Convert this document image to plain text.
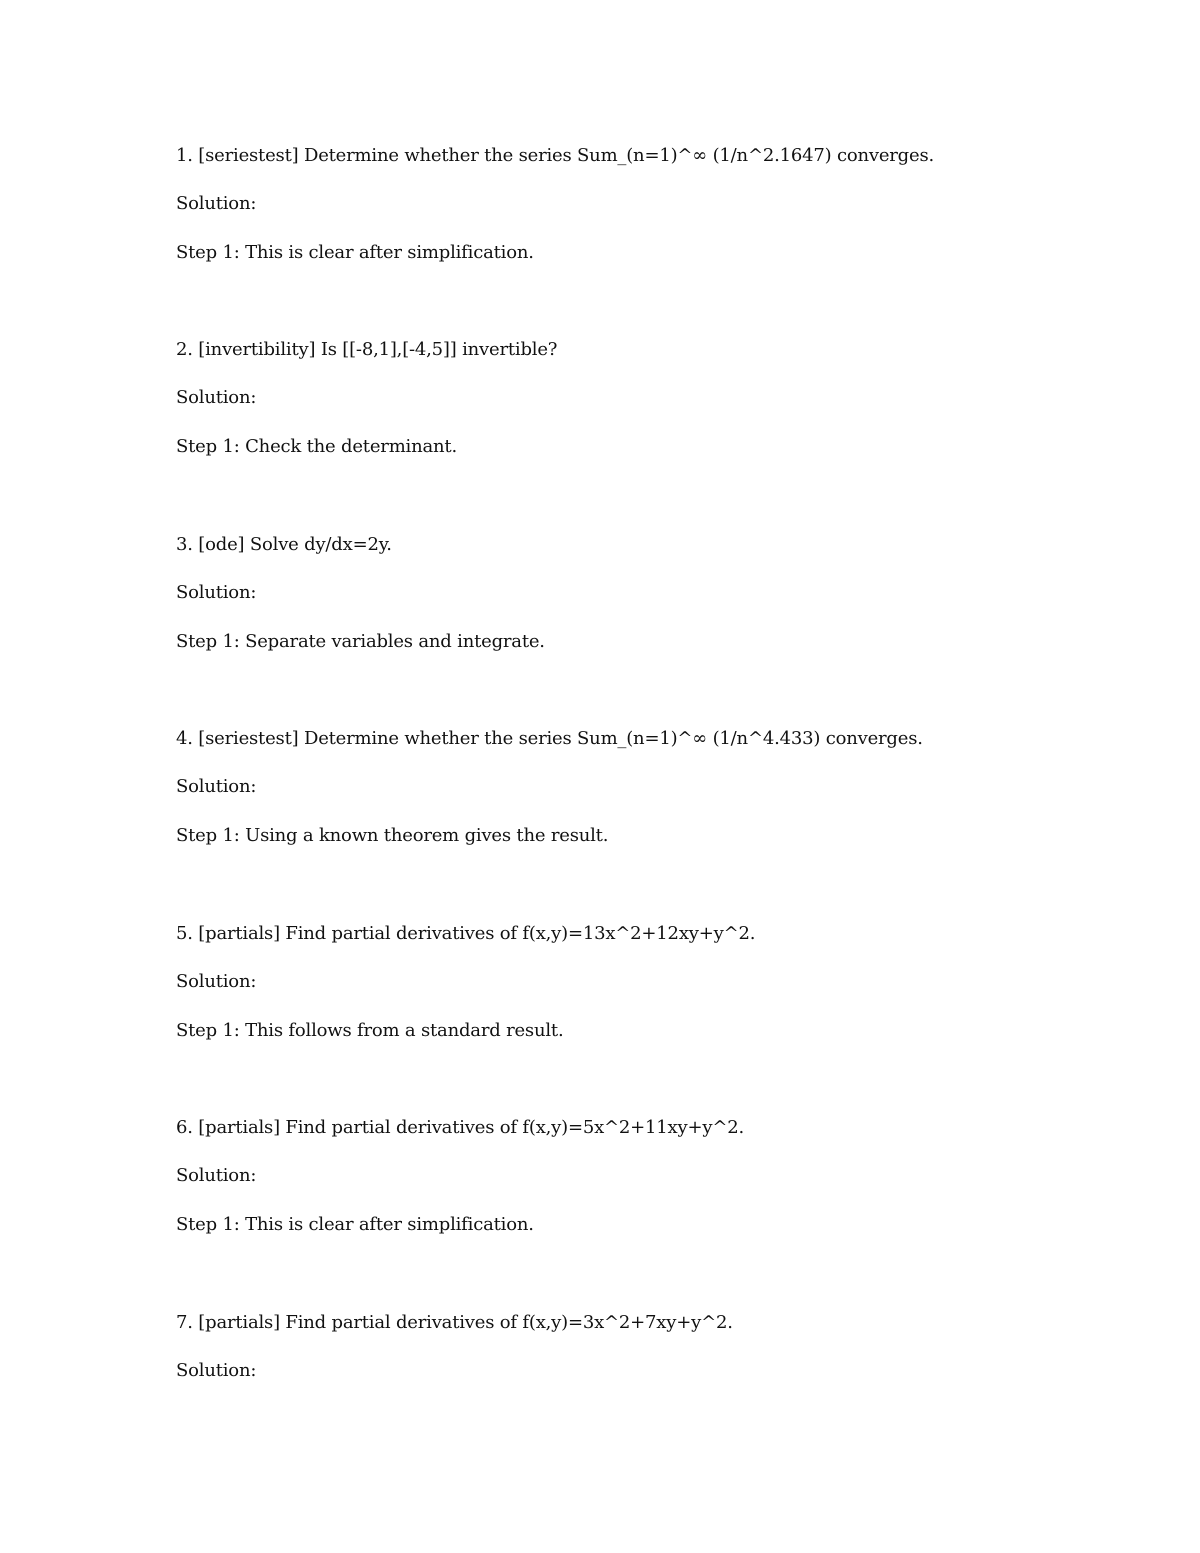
1. [seriestest] Determine whether the series Sum_(n=1)^∞ (1/n^2.1647) converges.
Solution:
Step 1: This is clear after simplification.
2. [invertibility] Is [[-8,1],[-4,5]] invertible?
Solution:
Step 1: Check the determinant.
3. [ode] Solve dy/dx=2y.
Solution:
Step 1: Separate variables and integrate.
4. [seriestest] Determine whether the series Sum_(n=1)^∞ (1/n^4.433) converges.
Solution:
Step 1: Using a known theorem gives the result.
5. [partials] Find partial derivatives of f(x,y)=13x^2+12xy+y^2.
Solution:
Step 1: This follows from a standard result.
6. [partials] Find partial derivatives of f(x,y)=5x^2+11xy+y^2.
Solution:
Step 1: This is clear after simplification.
7. [partials] Find partial derivatives of f(x,y)=3x^2+7xy+y^2.
Solution:
